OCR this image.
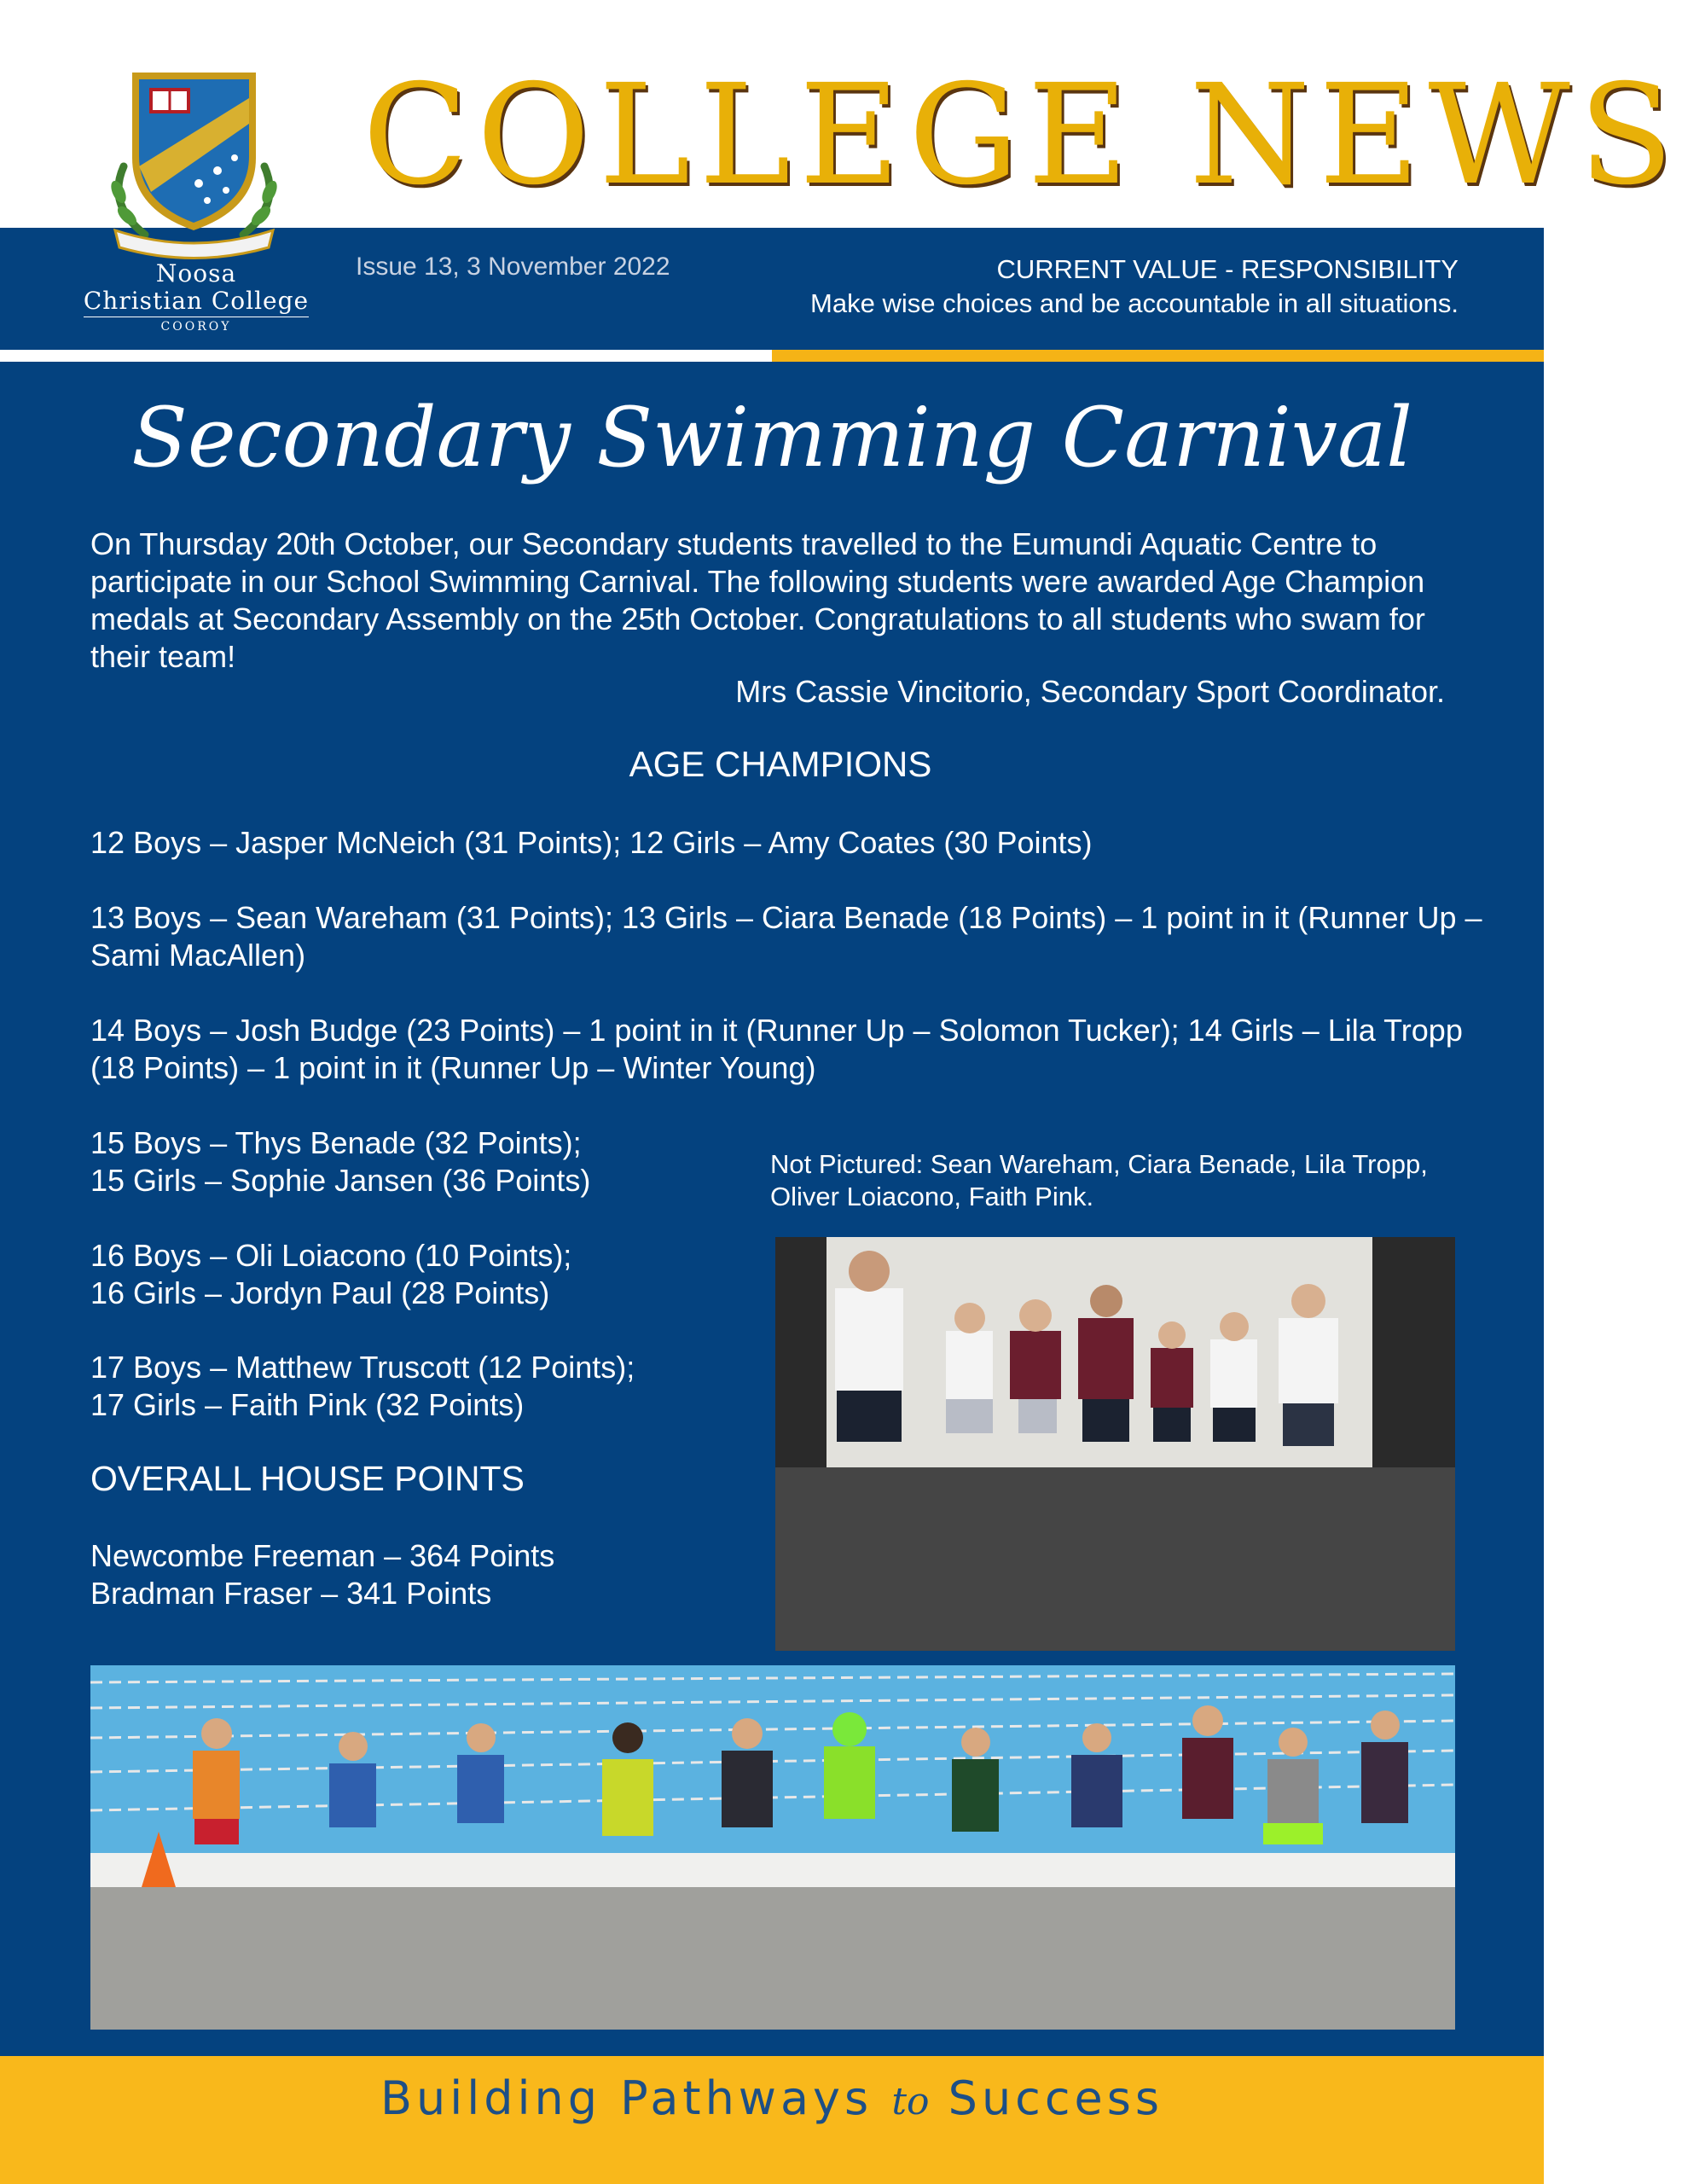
COLLEGE NEWS
Noosa
Christian College
COOROY
Issue 13, 3 November 2022	CURRENT VALUE - RESPONSIBILITY
Make wise choices and be accountable in all situations.
Secondary Swimming Carnival
On Thursday 20th October, our Secondary students travelled to the Eumundi Aquatic Centre to participate in our School Swimming Carnival. The following students were awarded Age Champion medals at Secondary Assembly on the 25th October. Congratulations to all students who swam for their team!
Mrs Cassie Vincitorio, Secondary Sport Coordinator.
AGE CHAMPIONS
12 Boys – Jasper McNeich (31 Points); 12 Girls – Amy Coates (30 Points)
13 Boys – Sean Wareham (31 Points); 13 Girls – Ciara Benade (18 Points) – 1 point in it (Runner Up –
Sami MacAllen)
14 Boys – Josh Budge (23 Points) – 1 point in it (Runner Up – Solomon Tucker); 14 Girls – Lila Tropp
(18 Points) – 1 point in it (Runner Up – Winter Young)
15 Boys – Thys Benade (32 Points);
15 Girls – Sophie Jansen (36 Points)
16 Boys – Oli Loiacono (10 Points);
16 Girls – Jordyn Paul (28 Points)
17 Boys – Matthew Truscott (12 Points);
17 Girls – Faith Pink (32 Points)
OVERALL HOUSE POINTS
Newcombe Freeman – 364 Points
Bradman Fraser – 341 Points
Not Pictured: Sean Wareham, Ciara Benade, Lila Tropp,
Oliver Loiacono, Faith Pink.
Building Pathways to Success
